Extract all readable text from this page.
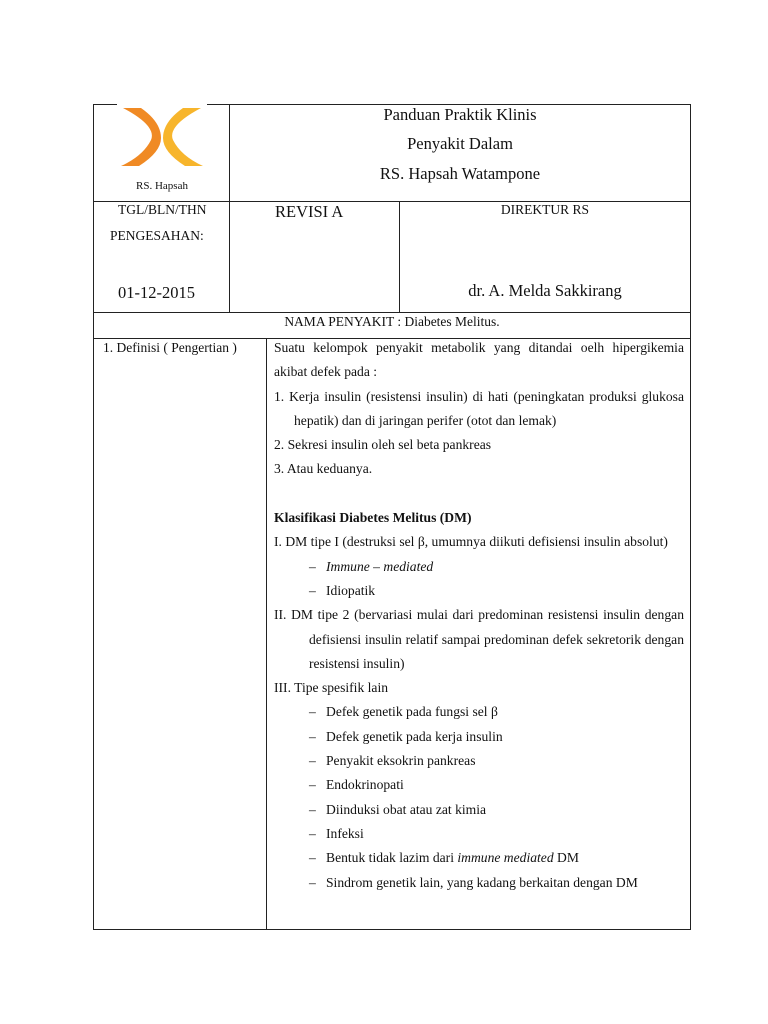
RS. Hapsah
Panduan Praktik Klinis
Penyakit Dalam
RS. Hapsah Watampone
TGL/BLN/THN
PENGESAHAN:
01-12-2015
REVISI A	DIREKTUR RS
dr. A. Melda Sakkirang
NAMA PENYAKIT : Diabetes Melitus.
1. Definisi ( Pengertian )	Suatu kelompok penyakit metabolik yang ditandai oelh hipergikemia akibat defek pada :

1. Kerja insulin (resistensi insulin) di hati (peningkatan produksi glukosa hepatik) dan di jaringan perifer (otot dan lemak)

2. Sekresi insulin oleh sel beta pankreas

3. Atau keduanya.

Klasifikasi Diabetes Melitus (DM)

I. DM tipe I (destruksi sel β, umumnya diikuti defisiensi insulin absolut)

– Immune – mediated

– Idiopatik

II. DM tipe 2 (bervariasi mulai dari predominan resistensi insulin dengan defisiensi insulin relatif sampai predominan defek sekretorik dengan resistensi insulin)

III. Tipe spesifik lain

– Defek genetik pada fungsi sel β

– Defek genetik pada kerja insulin

– Penyakit eksokrin pankreas

– Endokrinopati

– Diinduksi obat atau zat kimia

– Infeksi

– Bentuk tidak lazim dari immune mediated DM

– Sindrom genetik lain, yang kadang berkaitan dengan DM
